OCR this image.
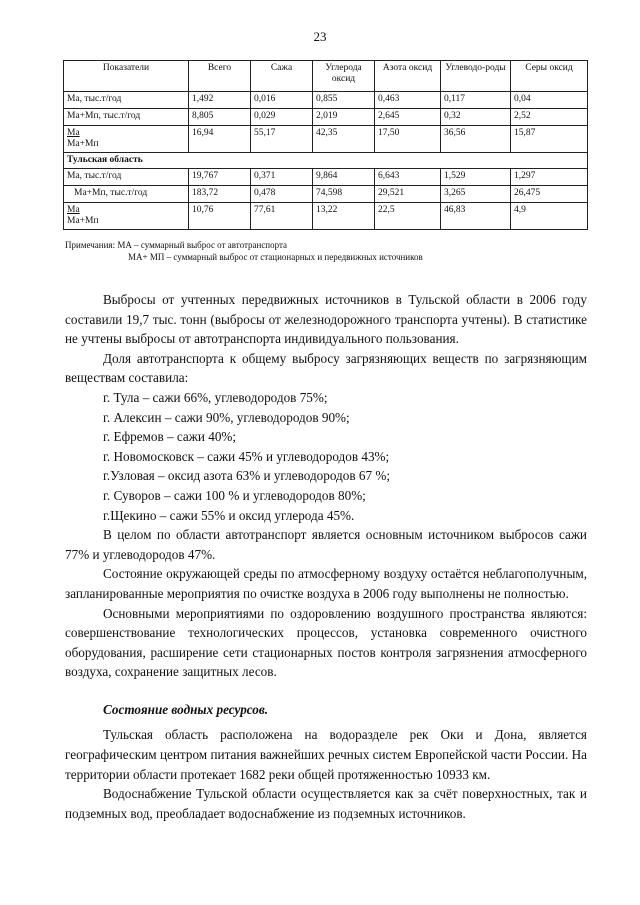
23
Показатели	Всего	Сажа	Углерода оксид	Азота оксид	Углеводо-роды	Серы оксид
Ма, тыс.т/год	1,492	0,016	0,855	0,463	0,117	0,04
Ма+Мп, тыс.т/год	8,805	0,029	2,019	2,645	0,32	2,52
Ма
Ма+Мп	16,94	55,17	42,35	17,50	36,56	15,87
Тульская область						
Ма, тыс.т/год	19,767	0,371	9,864	6,643	1,529	1,297
Ма+Мп, тыс.т/год	183,72	0,478	74,598	29,521	3,265	26,475
Ма
Ма+Мп	10,76	77,61	13,22	22,5	46,83	4,9
Примечания: МА – суммарный выброс от автотранспорта
МА+ МП – суммарный выброс от стационарных и передвижных источников

Выбросы от учтенных передвижных источников в Тульской области в 2006 году составили 19,7 тыс. тонн (выбросы от железнодорожного транспорта учтены). В статистике не учтены выбросы от автотранспорта индивидуального пользования.

Доля автотранспорта к общему выбросу загрязняющих веществ по загрязняющим веществам составила:

г. Тула – сажи 66%, углеводородов 75%;
г. Алексин – сажи 90%, углеводородов 90%;
г. Ефремов – сажи 40%;
г. Новомосковск – сажи 45% и углеводородов 43%;
г.Узловая – оксид азота 63% и углеводородов 67 %;
г. Суворов – сажи 100 % и углеводородов 80%;
г.Щекино – сажи 55% и оксид углерода 45%.

В целом по области автотранспорт является основным источником выбросов сажи 77% и углеводородов 47%.

Состояние окружающей среды по атмосферному воздуху остаётся неблагополучным, запланированные мероприятия по очистке воздуха в 2006 году выполнены не полностью.

Основными мероприятиями по оздоровлению воздушного пространства являются: совершенствование технологических процессов, установка современного очистного оборудования, расширение сети стационарных постов контроля загрязнения атмосферного воздуха, сохранение защитных лесов.

Состояние водных ресурсов.

Тульская область расположена на водоразделе рек Оки и Дона, является географическим центром питания важнейших речных систем Европейской части России. На территории области протекает 1682 реки общей протяженностью 10933 км.

Водоснабжение Тульской области осуществляется как за счёт поверхностных, так и подземных вод, преобладает водоснабжение из подземных источников.
